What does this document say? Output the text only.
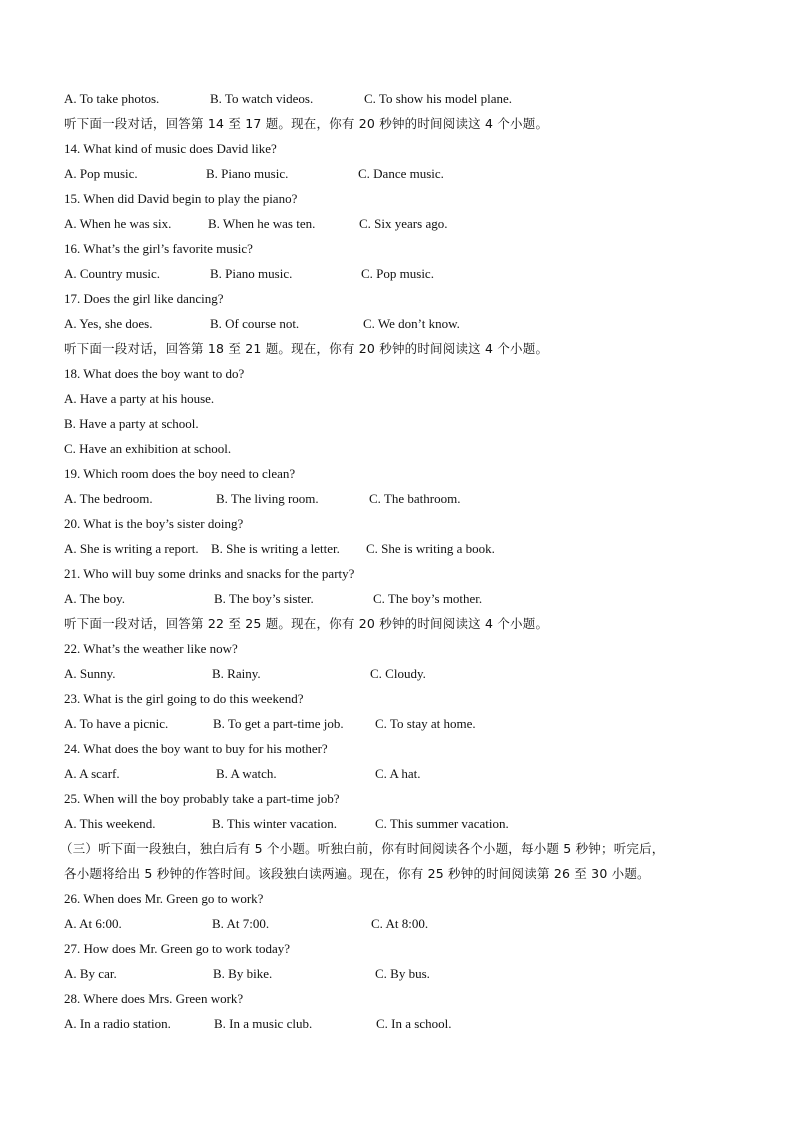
A. To take photos.	B. To watch videos.	C. To show his model plane.
听下面一段对话，回答第 14 至 17 题。现在，你有 20 秒钟的时间阅读这 4 个小题。
14. What kind of music does David like?
A. Pop music.	B. Piano music.	C. Dance music.
15. When did David begin to play the piano?
A. When he was six.	B. When he was ten.	C. Six years ago.
16. What’s the girl’s favorite music?
A. Country music.	B. Piano music.	C. Pop music.
17. Does the girl like dancing?
A. Yes, she does.	B. Of course not.	C. We don’t know.
听下面一段对话，回答第 18 至 21 题。现在，你有 20 秒钟的时间阅读这 4 个小题。
18. What does the boy want to do?
A. Have a party at his house.
B. Have a party at school.
C. Have an exhibition at school.
19. Which room does the boy need to clean?
A. The bedroom.	B. The living room.	C. The bathroom.
20. What is the boy’s sister doing?
A. She is writing a report. B. She is writing a letter. C. She is writing a book.
21. Who will buy some drinks and snacks for the party?
A. The boy.	B. The boy’s sister.	C. The boy’s mother.
听下面一段对话，回答第 22 至 25 题。现在，你有 20 秒钟的时间阅读这 4 个小题。
22. What’s the weather like now?
A. Sunny.	B. Rainy.	C. Cloudy.
23. What is the girl going to do this weekend?
A. To have a picnic.	B. To get a part-time job. C. To stay at home.
24. What does the boy want to buy for his mother?
A. A scarf.	B. A watch.	C. A hat.
25. When will the boy probably take a part-time job?
A. This weekend.	B. This winter vacation.	C. This summer vacation.
（三）听下面一段独白，独白后有 5 个小题。听独白前，你有时间阅读各个小题，每小题 5 秒钟；听完后，
各小题将给出 5 秒钟的作答时间。该段独白读两遍。现在，你有 25 秒钟的时间阅读第 26 至 30 小题。
26. When does Mr. Green go to work?
A. At 6:00.	B. At 7:00.	C. At 8:00.
27. How does Mr. Green go to work today?
A. By car.	B. By bike.	C. By bus.
28. Where does Mrs. Green work?
A. In a radio station.	B. In a music club.	C. In a school.
